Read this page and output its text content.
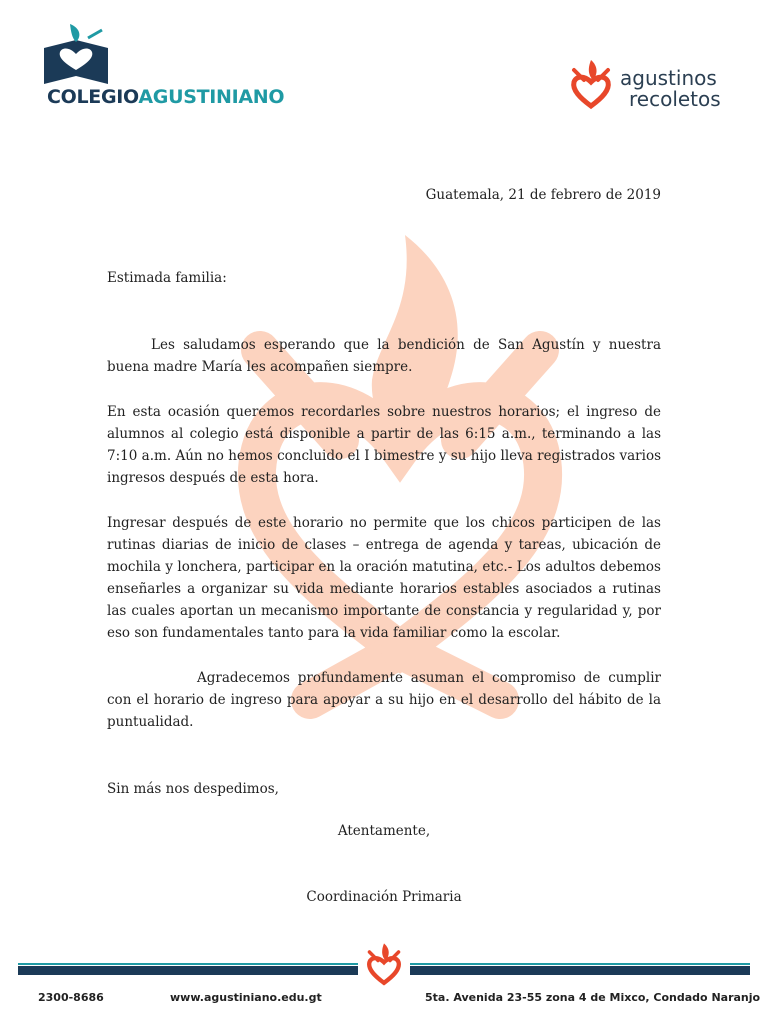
COLEGIOAGUSTINIANO
agustinos
recoletos
Guatemala, 21 de febrero de 2019
Estimada familia:
Les saludamos esperando que la bendición de San Agustín y nuestra buena madre María les acompañen siempre.
En esta ocasión queremos recordarles sobre nuestros horarios; el ingreso de alumnos al colegio está disponible a partir de las 6:15 a.m., terminando a las 7:10 a.m. Aún no hemos concluido el I bimestre y su hijo lleva registrados varios ingresos después de esta hora.
Ingresar después de este horario no permite que los chicos participen de las rutinas diarias de inicio de clases – entrega de agenda y tareas, ubicación de mochila y lonchera, participar en la oración matutina, etc.- Los adultos debemos enseñarles a organizar su vida mediante horarios estables asociados a rutinas las cuales aportan un mecanismo importante de constancia y regularidad y, por eso son fundamentales tanto para la vida familiar como la escolar.
Agradecemos profundamente asuman el compromiso de cumplir con el horario de ingreso para apoyar a su hijo en el desarrollo del hábito de la puntualidad.
Sin más nos despedimos,
Atentamente,
Coordinación Primaria
2300-8686	www.agustiniano.edu.gt	5ta. Avenida 23-55 zona 4 de Mixco, Condado Naranjo
